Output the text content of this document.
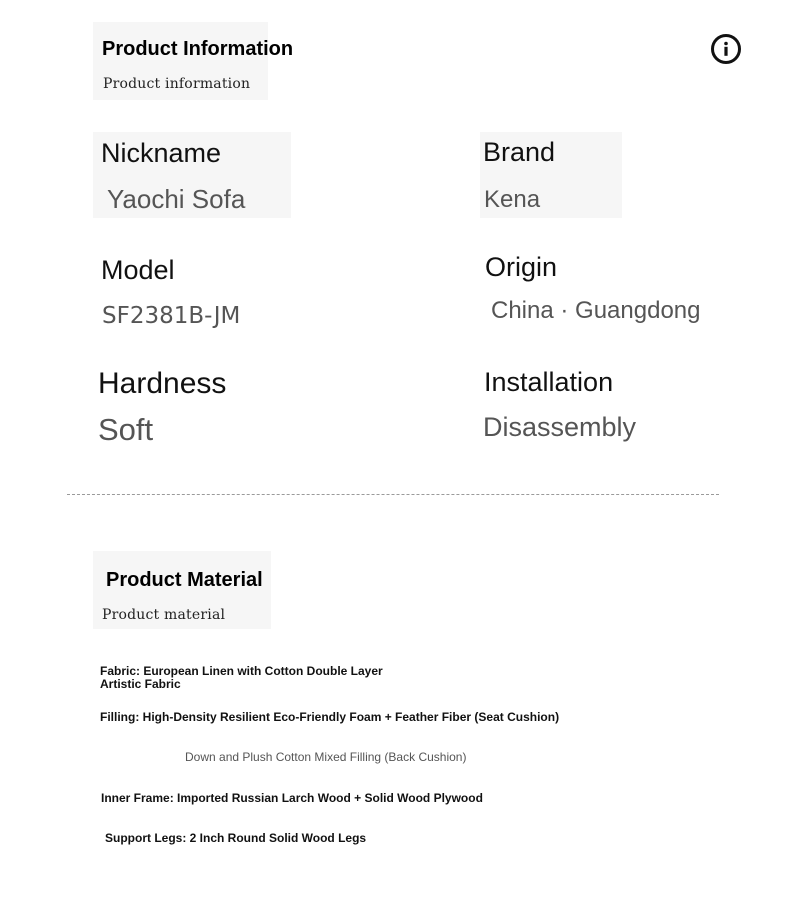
Product Information
Product information
Nickname
Yaochi Sofa
Brand
Kena
Model
SF2381B-JM
Origin
China · Guangdong
Hardness
Soft
Installation
Disassembly
Product Material
Product material
Fabric: European Linen with Cotton Double Layer
Artistic Fabric
Filling: High-Density Resilient Eco-Friendly Foam + Feather Fiber (Seat Cushion)
Down and Plush Cotton Mixed Filling (Back Cushion)
Inner Frame: Imported Russian Larch Wood + Solid Wood Plywood
Support Legs: 2 Inch Round Solid Wood Legs
